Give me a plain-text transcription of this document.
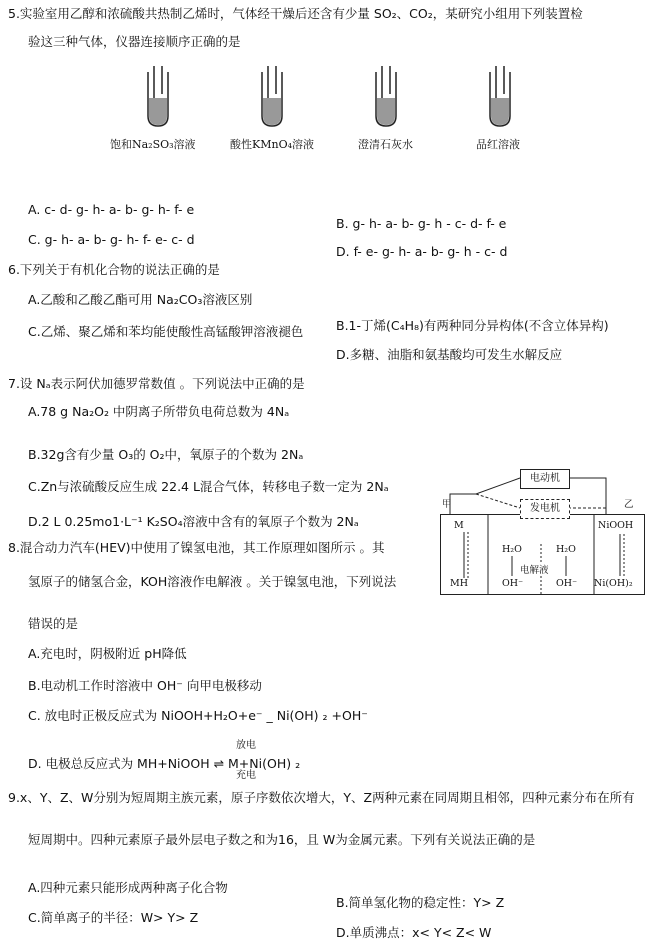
5.实验室用乙醇和浓硫酸共热制乙烯时，气体经干燥后还含有少量 SO₂、CO₂，某研究小组用下列装置检
验这三种气体，仪器连接顺序正确的是
饱和Na₂SO₃溶液	酸性KMnO₄溶液	澄清石灰水	品红溶液
A. c- d- g- h- a- b- g- h- f- e
B. g- h- a- b- g- h - c- d- f- e
C. g- h- a- b- g- h- f- e- c- d
D. f- e- g- h- a- b- g- h - c- d
6.下列关于有机化合物的说法正确的是
A.乙酸和乙酸乙酯可用 Na₂CO₃溶液区别
C.乙烯、聚乙烯和苯均能使酸性高锰酸钾溶液褪色	B.1-丁烯(C₄H₈)有两种同分异构体(不含立体异构)
D.多糖、油脂和氨基酸均可发生水解反应
7.设 Nₐ表示阿伏加德罗常数值 。下列说法中正确的是
A.78 g Na₂O₂ 中阴离子所带负电荷总数为 4Nₐ
B.32g含有少量 O₃的 O₂中，氧原子的个数为 2Nₐ
C.Zn与浓硫酸反应生成 22.4 L混合气体，转移电子数一定为 2Nₐ
D.2 L 0.25mo1·L⁻¹ K₂SO₄溶液中含有的氧原子个数为 2Nₐ
电动机
发电机
甲	乙
M
MH
NiOOH
Ni(OH)₂
H₂O	H₂O
OH⁻	OH⁻
电解液
8.混合动力汽车(HEV)中使用了镍氢电池，其工作原理如图所示 。其
氢原子的储氢合金，KOH溶液作电解液 。关于镍氢电池，下列说法
错误的是
A.充电时，阴极附近 pH降低
B.电动机工作时溶液中 OH⁻ 向甲电极移动
C. 放电时正极反应式为 NiOOH+H₂O+e⁻ _ Ni(OH) ₂ +OH⁻
放电
D. 电极总反应式为 MH+NiOOH ⇌ M+Ni(OH) ₂
充电
9.x、Y、Z、W分别为短周期主族元素，原子序数依次增大，Y、Z两种元素在同周期且相邻，四种元素分布在所有
短周期中。四种元素原子最外层电子数之和为16，且 W为金属元素。下列有关说法正确的是
A.四种元素只能形成两种离子化合物
B.简单氢化物的稳定性：Y> Z
C.简单离子的半径：W> Y> Z
D.单质沸点：x< Y< Z< W
